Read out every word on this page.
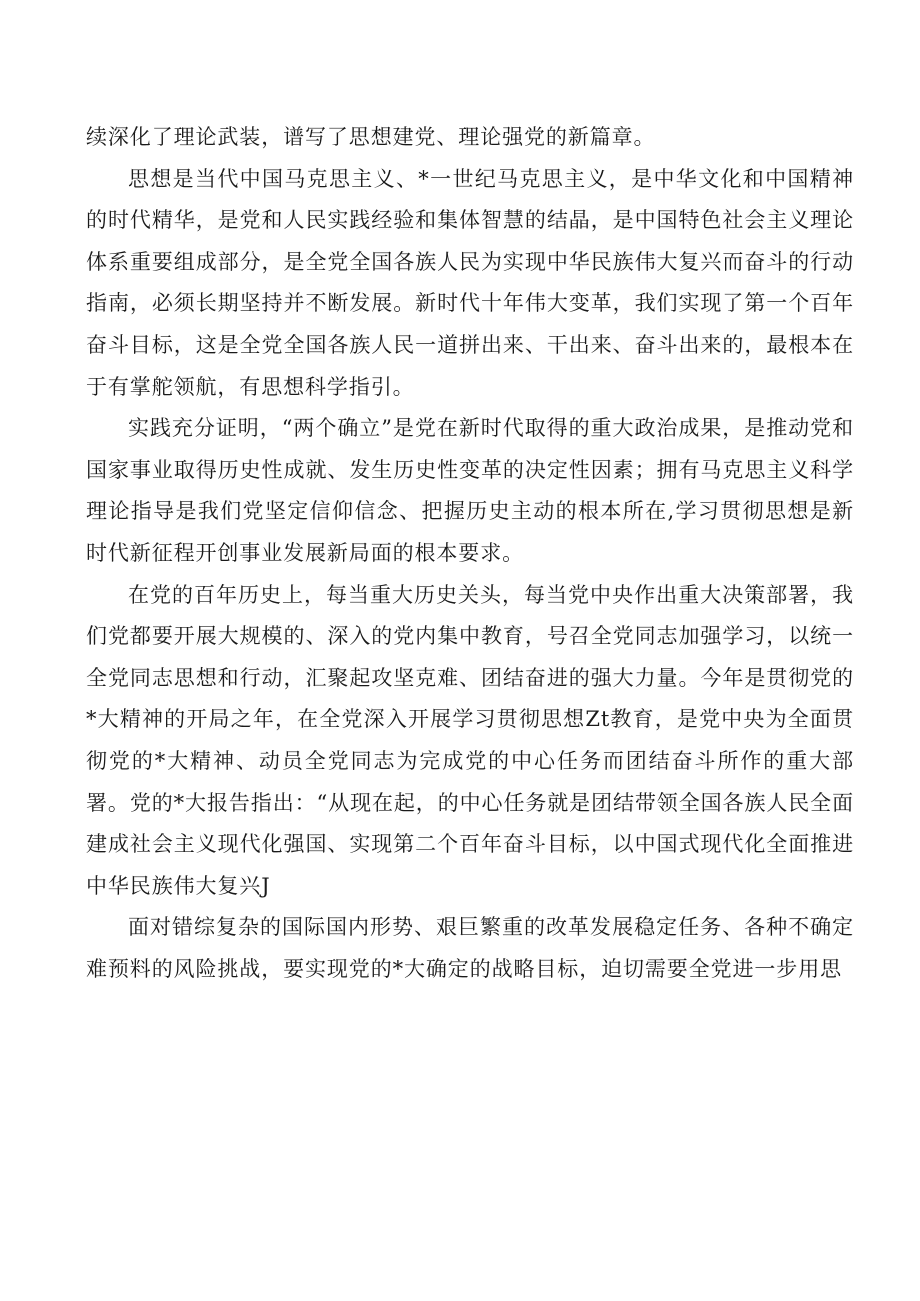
续深化了理论武装，谱写了思想建党、理论强党的新篇章。

思想是当代中国马克思主义、*一世纪马克思主义，是中华文化和中国精神的时代精华，是党和人民实践经验和集体智慧的结晶，是中国特色社会主义理论体系重要组成部分，是全党全国各族人民为实现中华民族伟大复兴而奋斗的行动指南，必须长期坚持并不断发展。新时代十年伟大变革，我们实现了第一个百年奋斗目标，这是全党全国各族人民一道拼出来、干出来、奋斗出来的，最根本在于有掌舵领航，有思想科学指引。

实践充分证明，“两个确立”是党在新时代取得的重大政治成果，是推动党和国家事业取得历史性成就、发生历史性变革的决定性因素；拥有马克思主义科学理论指导是我们党坚定信仰信念、把握历史主动的根本所在,学习贯彻思想是新时代新征程开创事业发展新局面的根本要求。

在党的百年历史上，每当重大历史关头，每当党中央作出重大决策部署，我们党都要开展大规模的、深入的党内集中教育，号召全党同志加强学习，以统一全党同志思想和行动，汇聚起攻坚克难、团结奋进的强大力量。今年是贯彻党的*大精神的开局之年，在全党深入开展学习贯彻思想Zt教育，是党中央为全面贯彻党的*大精神、动员全党同志为完成党的中心任务而团结奋斗所作的重大部署。党的*大报告指出：“从现在起，的中心任务就是团结带领全国各族人民全面建成社会主义现代化强国、实现第二个百年奋斗目标，以中国式现代化全面推进中华民族伟大复兴J

面对错综复杂的国际国内形势、艰巨繁重的改革发展稳定任务、各种不确定难预料的风险挑战，要实现党的*大确定的战略目标，迫切需要全党进一步用思
